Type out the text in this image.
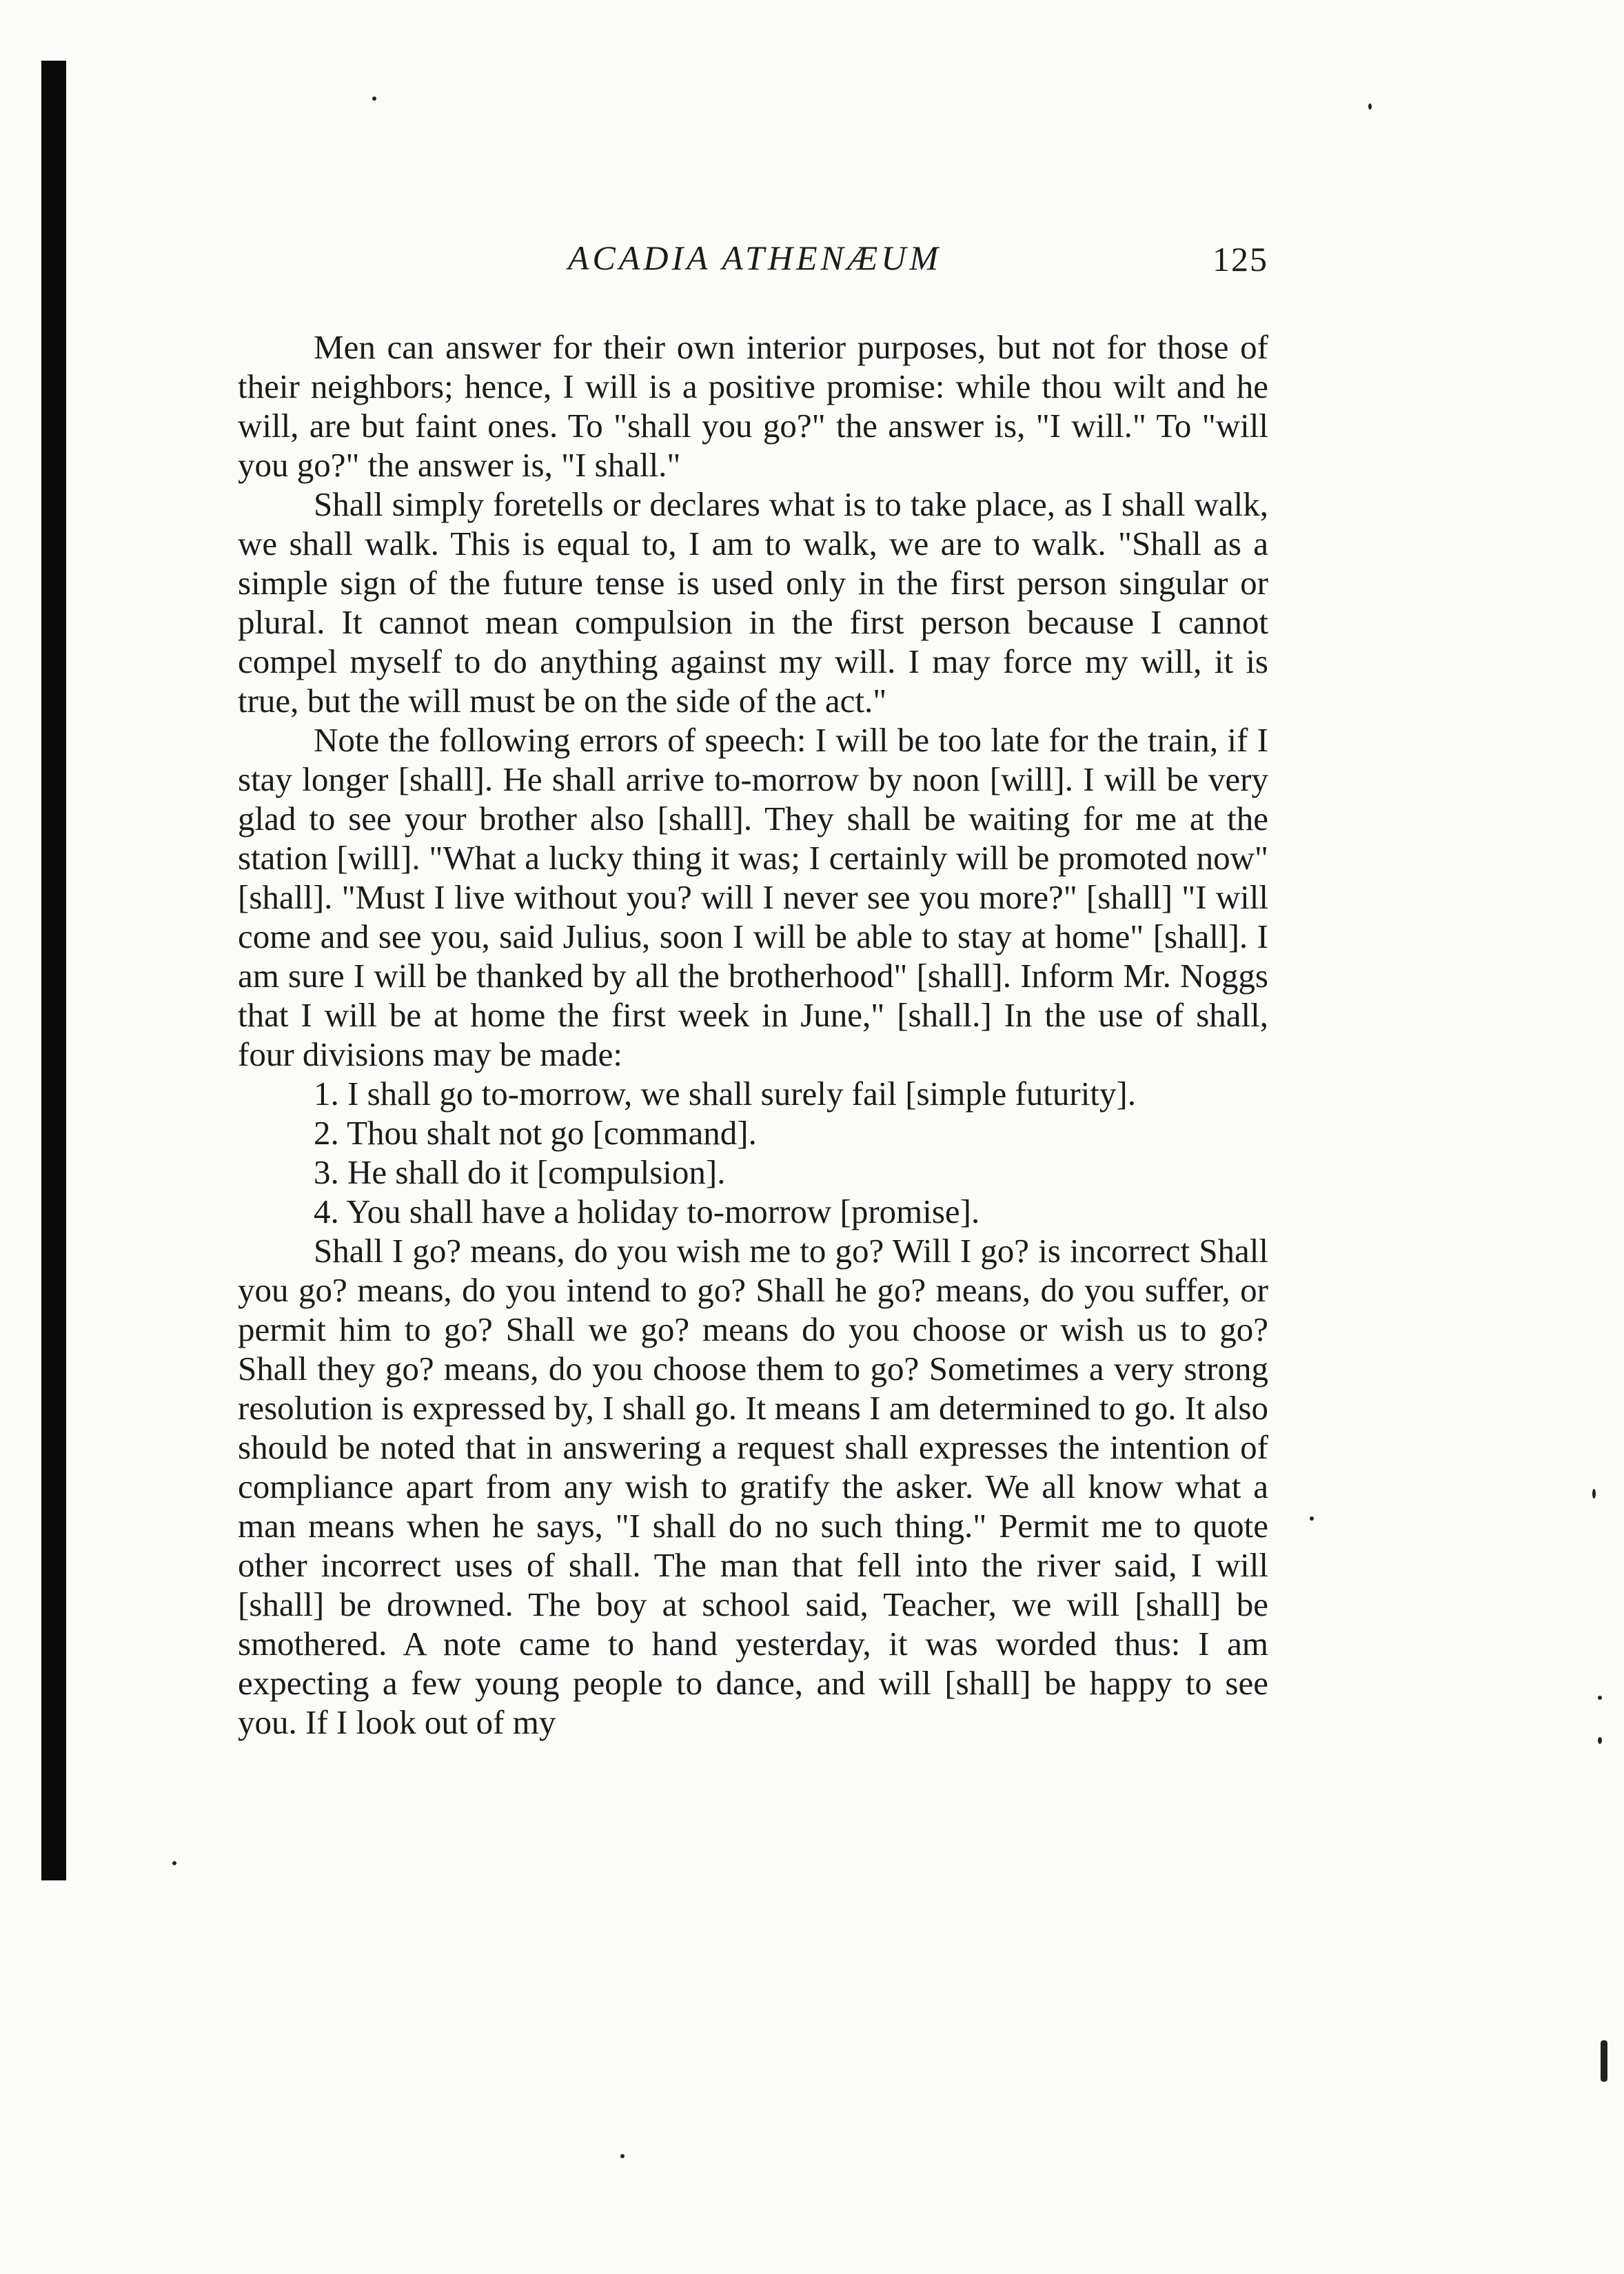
ACADIA ATHENÆUM	125

Men can answer for their own interior purposes, but not for those of their neighbors; hence, I will is a positive promise: while thou wilt and he will, are but faint ones. To "shall you go?" the answer is, "I will." To "will you go?" the answer is, "I shall."

Shall simply foretells or declares what is to take place, as I shall walk, we shall walk. This is equal to, I am to walk, we are to walk. "Shall as a simple sign of the future tense is used only in the first person singular or plural. It cannot mean compulsion in the first person because I cannot compel myself to do anything against my will. I may force my will, it is true, but the will must be on the side of the act."

Note the following errors of speech: I will be too late for the train, if I stay longer [shall]. He shall arrive to-morrow by noon [will]. I will be very glad to see your brother also [shall]. They shall be waiting for me at the station [will]. "What a lucky thing it was; I certainly will be promoted now" [shall]. "Must I live without you? will I never see you more?" [shall] "I will come and see you, said Julius, soon I will be able to stay at home" [shall]. I am sure I will be thanked by all the brotherhood" [shall]. Inform Mr. Noggs that I will be at home the first week in June," [shall.] In the use of shall, four divisions may be made:

1. I shall go to-morrow, we shall surely fail [simple futurity].

2. Thou shalt not go [command].

3. He shall do it [compulsion].

4. You shall have a holiday to-morrow [promise].

Shall I go? means, do you wish me to go? Will I go? is incorrect Shall you go? means, do you intend to go? Shall he go? means, do you suffer, or permit him to go? Shall we go? means do you choose or wish us to go? Shall they go? means, do you choose them to go? Sometimes a very strong resolution is expressed by, I shall go. It means I am determined to go. It also should be noted that in answering a request shall expresses the intention of compliance apart from any wish to gratify the asker. We all know what a man means when he says, "I shall do no such thing." Permit me to quote other incorrect uses of shall. The man that fell into the river said, I will [shall] be drowned. The boy at school said, Teacher, we will [shall] be smothered. A note came to hand yesterday, it was worded thus: I am expecting a few young people to dance, and will [shall] be happy to see you. If I look out of my
